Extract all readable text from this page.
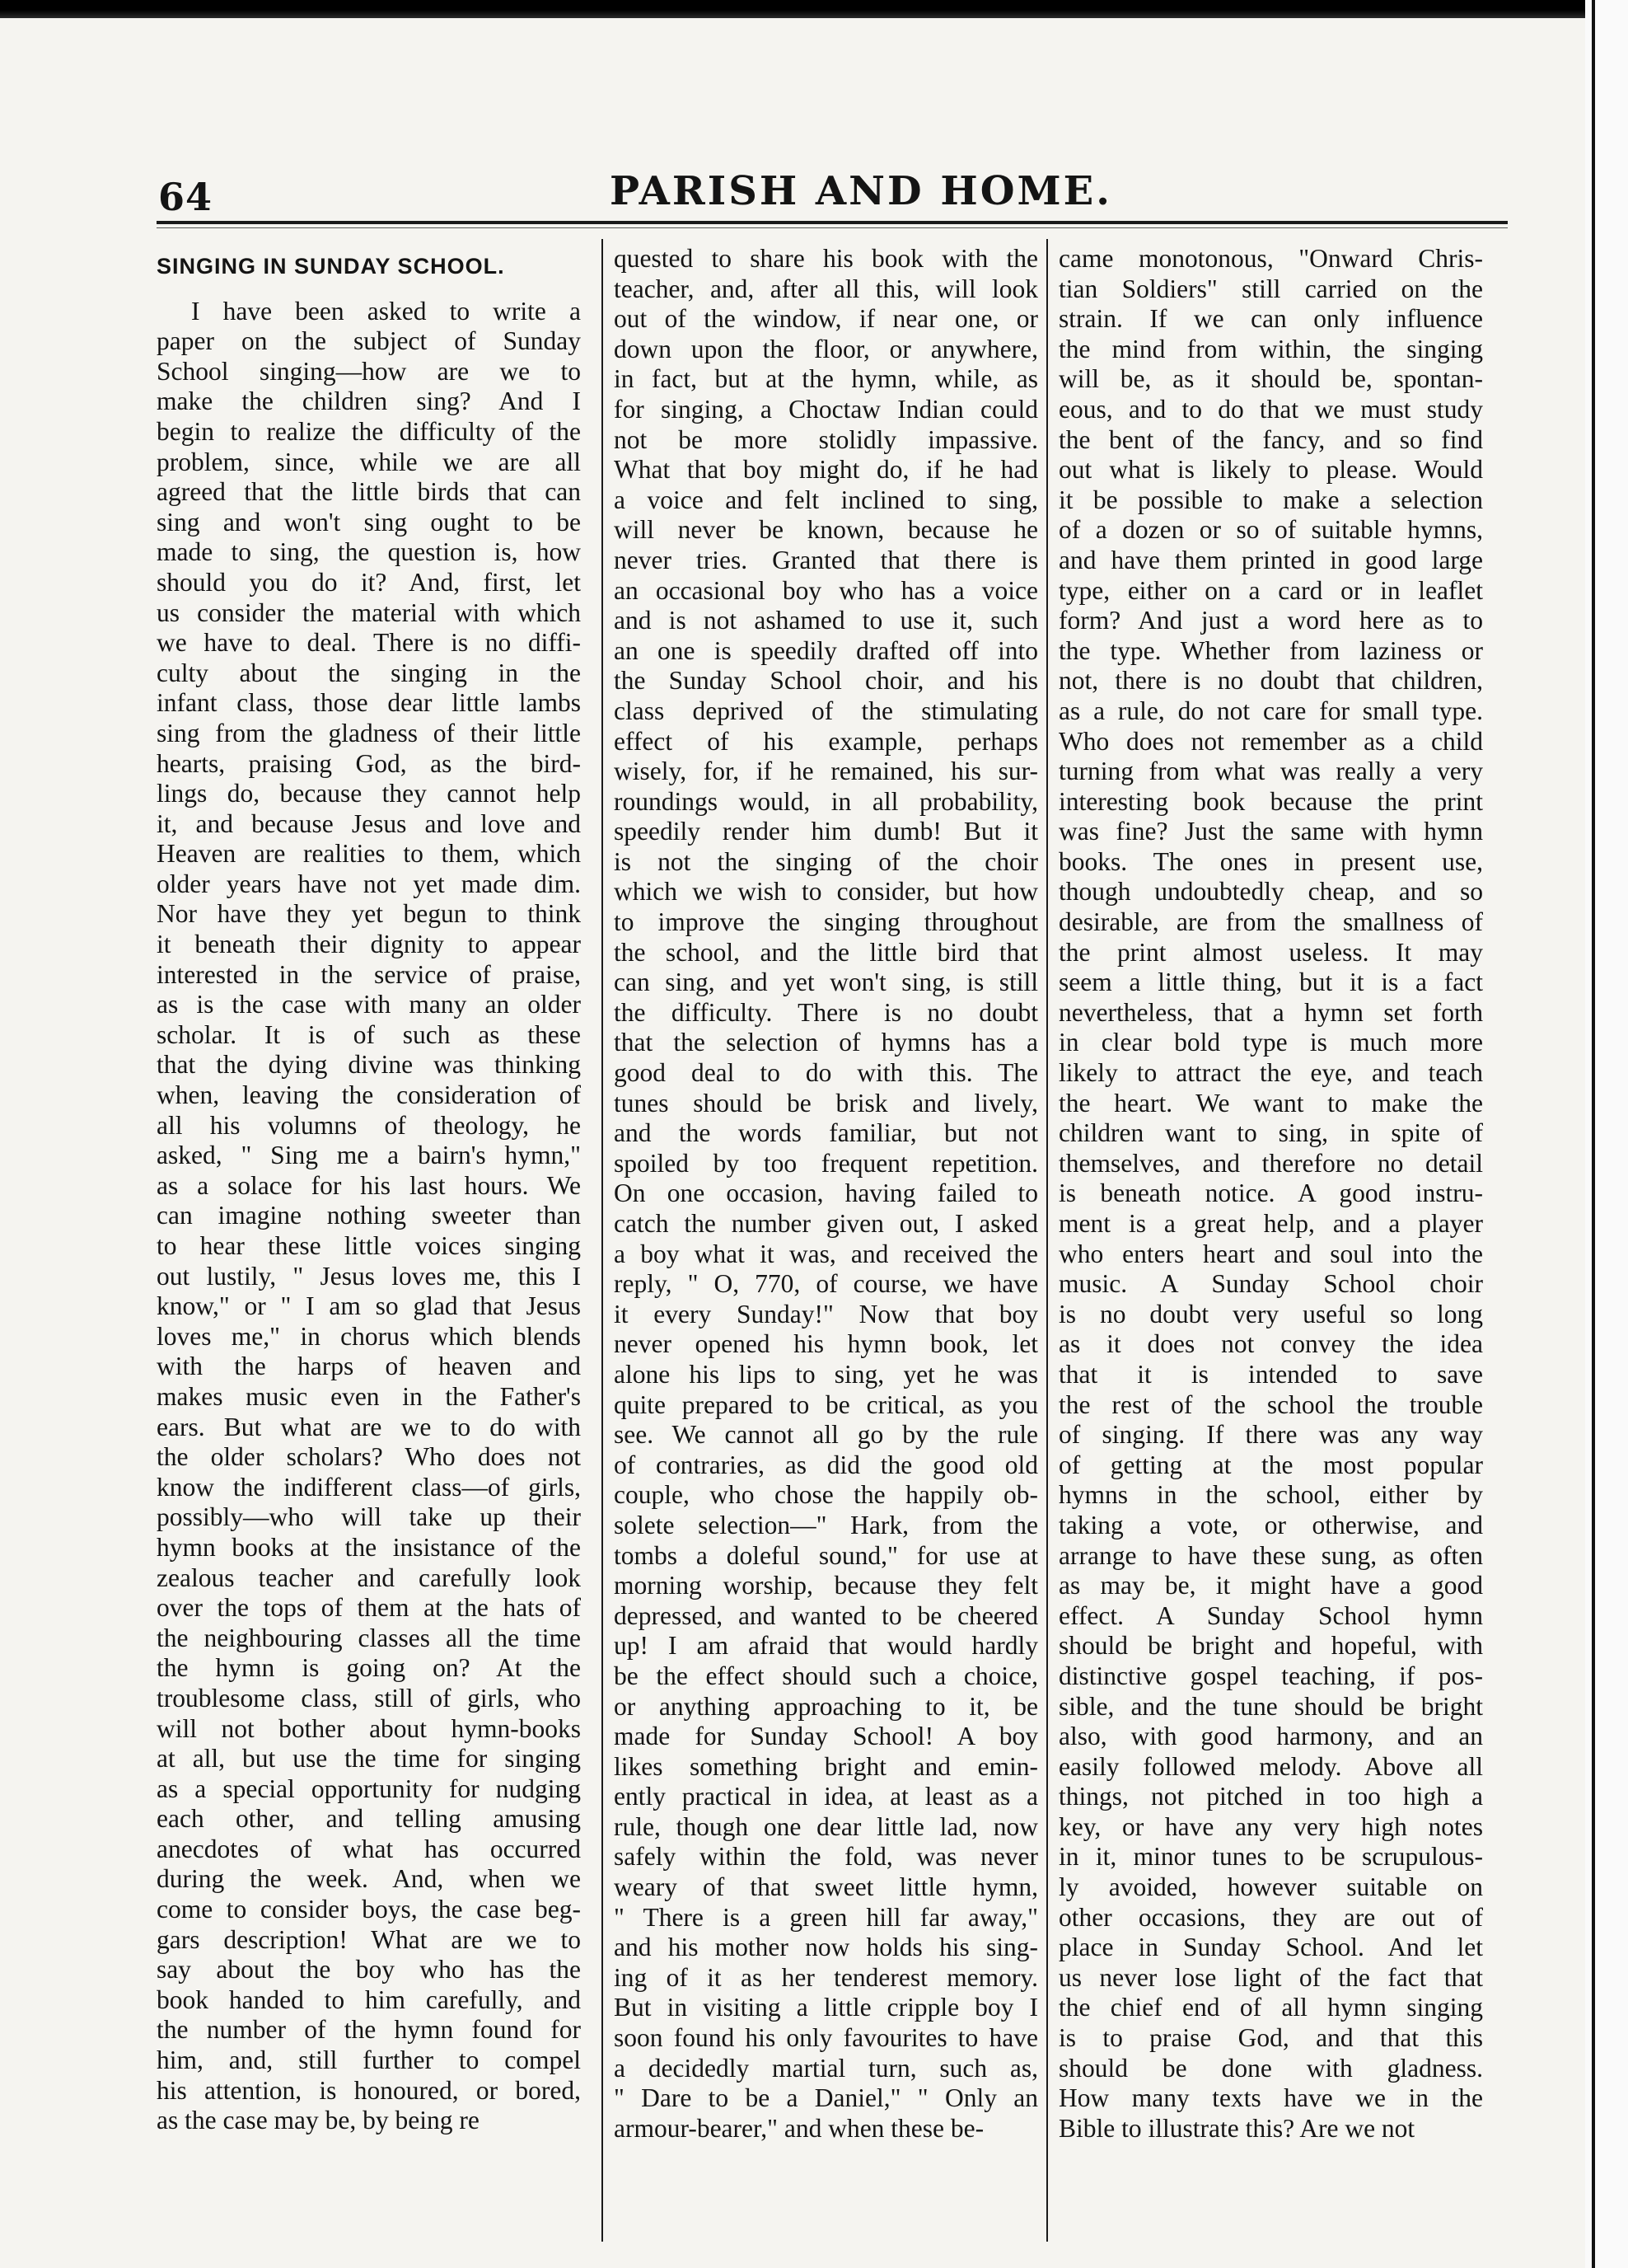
64	PARISH AND HOME.
SINGING IN SUNDAY SCHOOL.
I have been asked to write a
paper on the subject of Sunday
School singing—how are we to
make the children sing? And I
begin to realize the difficulty of the
problem, since, while we are all
agreed that the little birds that can
sing and won't sing ought to be
made to sing, the question is, how
should you do it? And, first, let
us consider the material with which
we have to deal. There is no diffi-
culty about the singing in the
infant class, those dear little lambs
sing from the gladness of their little
hearts, praising God, as the bird-
lings do, because they cannot help
it, and because Jesus and love and
Heaven are realities to them, which
older years have not yet made dim.
Nor have they yet begun to think
it beneath their dignity to appear
interested in the service of praise,
as is the case with many an older
scholar. It is of such as these
that the dying divine was thinking
when, leaving the consideration of
all his volumns of theology, he
asked, " Sing me a bairn's hymn,"
as a solace for his last hours. We
can imagine nothing sweeter than
to hear these little voices singing
out lustily, " Jesus loves me, this I
know," or " I am so glad that Jesus
loves me," in chorus which blends
with the harps of heaven and
makes music even in the Father's
ears. But what are we to do with
the older scholars? Who does not
know the indifferent class—of girls,
possibly—who will take up their
hymn books at the insistance of the
zealous teacher and carefully look
over the tops of them at the hats of
the neighbouring classes all the time
the hymn is going on? At the
troublesome class, still of girls, who
will not bother about hymn-books
at all, but use the time for singing
as a special opportunity for nudging
each other, and telling amusing
anecdotes of what has occurred
during the week. And, when we
come to consider boys, the case beg-
gars description! What are we to
say about the boy who has the
book handed to him carefully, and
the number of the hymn found for
him, and, still further to compel
his attention, is honoured, or bored,
as the case may be, by being re
quested to share his book with the
teacher, and, after all this, will look
out of the window, if near one, or
down upon the floor, or anywhere,
in fact, but at the hymn, while, as
for singing, a Choctaw Indian could
not be more stolidly impassive.
What that boy might do, if he had
a voice and felt inclined to sing,
will never be known, because he
never tries. Granted that there is
an occasional boy who has a voice
and is not ashamed to use it, such
an one is speedily drafted off into
the Sunday School choir, and his
class deprived of the stimulating
effect of his example, perhaps
wisely, for, if he remained, his sur-
roundings would, in all probability,
speedily render him dumb! But it
is not the singing of the choir
which we wish to consider, but how
to improve the singing throughout
the school, and the little bird that
can sing, and yet won't sing, is still
the difficulty. There is no doubt
that the selection of hymns has a
good deal to do with this. The
tunes should be brisk and lively,
and the words familiar, but not
spoiled by too frequent repetition.
On one occasion, having failed to
catch the number given out, I asked
a boy what it was, and received the
reply, " O, 770, of course, we have
it every Sunday!" Now that boy
never opened his hymn book, let
alone his lips to sing, yet he was
quite prepared to be critical, as you
see. We cannot all go by the rule
of contraries, as did the good old
couple, who chose the happily ob-
solete selection—" Hark, from the
tombs a doleful sound," for use at
morning worship, because they felt
depressed, and wanted to be cheered
up! I am afraid that would hardly
be the effect should such a choice,
or anything approaching to it, be
made for Sunday School! A boy
likes something bright and emin-
ently practical in idea, at least as a
rule, though one dear little lad, now
safely within the fold, was never
weary of that sweet little hymn,
" There is a green hill far away,"
and his mother now holds his sing-
ing of it as her tenderest memory.
But in visiting a little cripple boy I
soon found his only favourites to have
a decidedly martial turn, such as,
" Dare to be a Daniel," " Only an
armour-bearer," and when these be-
came monotonous, "Onward Chris-
tian Soldiers" still carried on the
strain. If we can only influence
the mind from within, the singing
will be, as it should be, spontan-
eous, and to do that we must study
the bent of the fancy, and so find
out what is likely to please. Would
it be possible to make a selection
of a dozen or so of suitable hymns,
and have them printed in good large
type, either on a card or in leaflet
form? And just a word here as to
the type. Whether from laziness or
not, there is no doubt that children,
as a rule, do not care for small type.
Who does not remember as a child
turning from what was really a very
interesting book because the print
was fine? Just the same with hymn
books. The ones in present use,
though undoubtedly cheap, and so
desirable, are from the smallness of
the print almost useless. It may
seem a little thing, but it is a fact
nevertheless, that a hymn set forth
in clear bold type is much more
likely to attract the eye, and teach
the heart. We want to make the
children want to sing, in spite of
themselves, and therefore no detail
is beneath notice. A good instru-
ment is a great help, and a player
who enters heart and soul into the
music. A Sunday School choir
is no doubt very useful so long
as it does not convey the idea
that it is intended to save
the rest of the school the trouble
of singing. If there was any way
of getting at the most popular
hymns in the school, either by
taking a vote, or otherwise, and
arrange to have these sung, as often
as may be, it might have a good
effect. A Sunday School hymn
should be bright and hopeful, with
distinctive gospel teaching, if pos-
sible, and the tune should be bright
also, with good harmony, and an
easily followed melody. Above all
things, not pitched in too high a
key, or have any very high notes
in it, minor tunes to be scrupulous-
ly avoided, however suitable on
other occasions, they are out of
place in Sunday School. And let
us never lose light of the fact that
the chief end of all hymn singing
is to praise God, and that this
should be done with gladness.
How many texts have we in the
Bible to illustrate this? Are we not
